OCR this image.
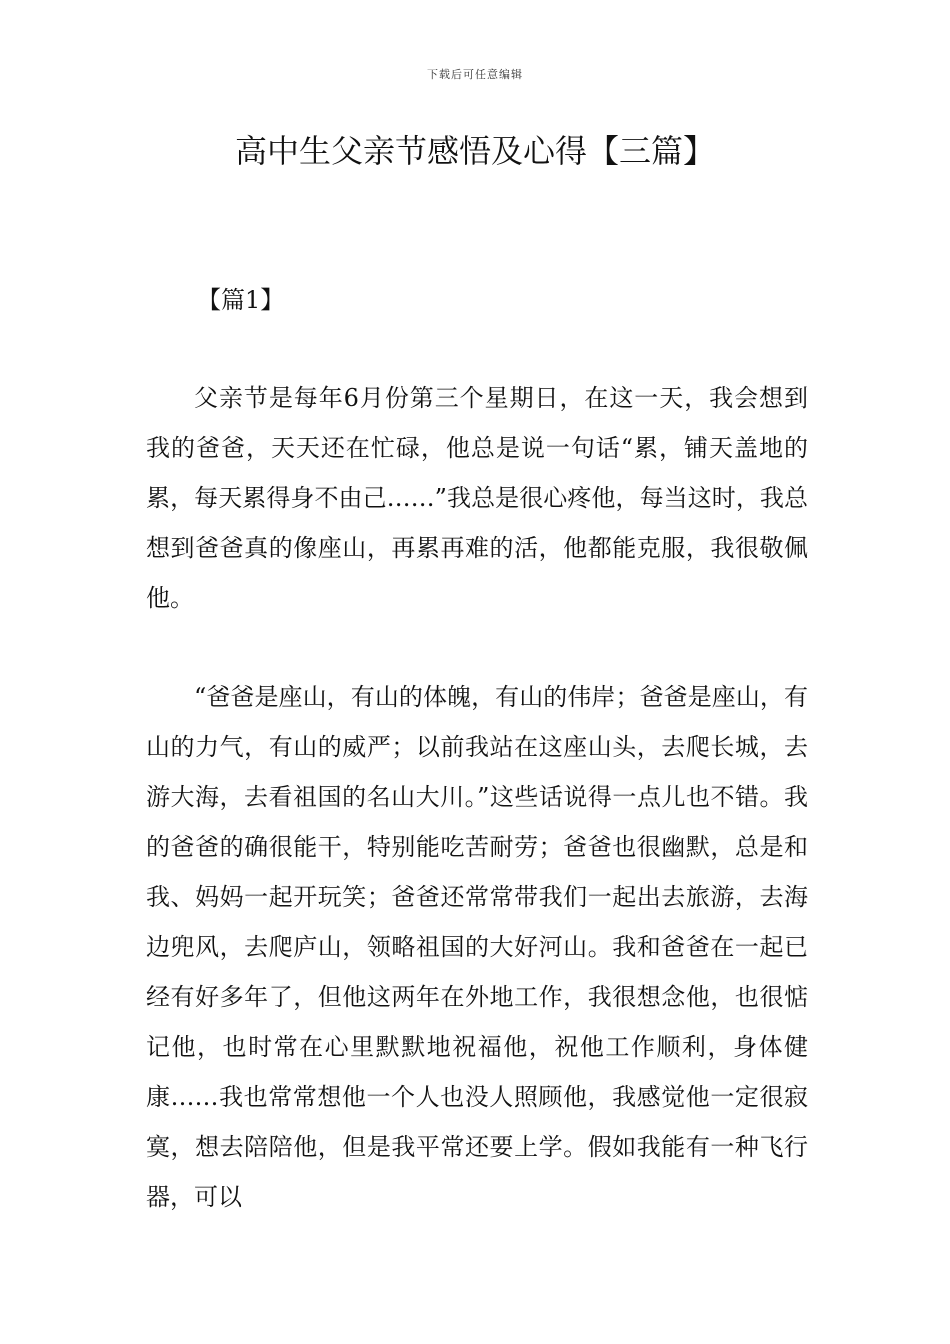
下载后可任意编辑
高中生父亲节感悟及心得【三篇】

【篇1】

父亲节是每年6月份第三个星期日，在这一天，我会想到我的爸爸，天天还在忙碌，他总是说一句话“累，铺天盖地的累，每天累得身不由己……”我总是很心疼他，每当这时，我总想到爸爸真的像座山，再累再难的活，他都能克服，我很敬佩他。

“爸爸是座山，有山的体魄，有山的伟岸；爸爸是座山，有山的力气，有山的威严；以前我站在这座山头，去爬长城，去游大海，去看祖国的名山大川。”这些话说得一点儿也不错。我的爸爸的确很能干，特别能吃苦耐劳；爸爸也很幽默，总是和我、妈妈一起开玩笑；爸爸还常常带我们一起出去旅游，去海边兜风，去爬庐山，领略祖国的大好河山。我和爸爸在一起已经有好多年了，但他这两年在外地工作，我很想念他，也很惦记他，也时常在心里默默地祝福他，祝他工作顺利，身体健康……我也常常想他一个人也没人照顾他，我感觉他一定很寂寞，想去陪陪他，但是我平常还要上学。假如我能有一种飞行器，可以
